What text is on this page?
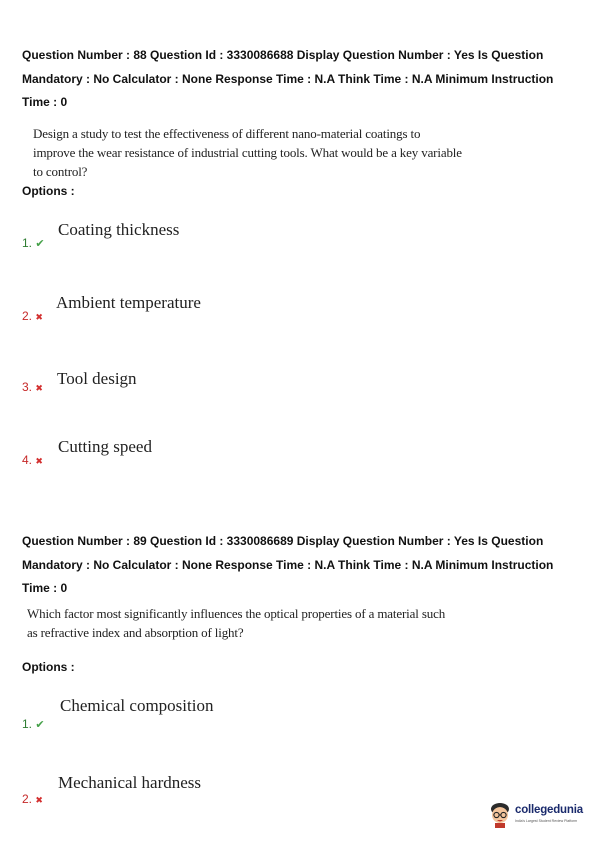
Question Number : 88 Question Id : 3330086688 Display Question Number : Yes Is Question Mandatory : No Calculator : None Response Time : N.A Think Time : N.A Minimum Instruction Time : 0

Design a study to test the effectiveness of different nano-material coatings to improve the wear resistance of industrial cutting tools. What would be a key variable to control?

Options :

1. ✔
Coating thickness
2. ✖
Ambient temperature
3. ✖ Tool design
4. ✖
Cutting speed

Question Number : 89 Question Id : 3330086689 Display Question Number : Yes Is Question Mandatory : No Calculator : None Response Time : N.A Think Time : N.A Minimum Instruction Time : 0

Which factor most significantly influences the optical properties of a material such as refractive index and absorption of light?

Options :

1. ✔
Chemical composition
2. ✖
Mechanical hardness
collegedunia
India's Largest Student Review Platform
